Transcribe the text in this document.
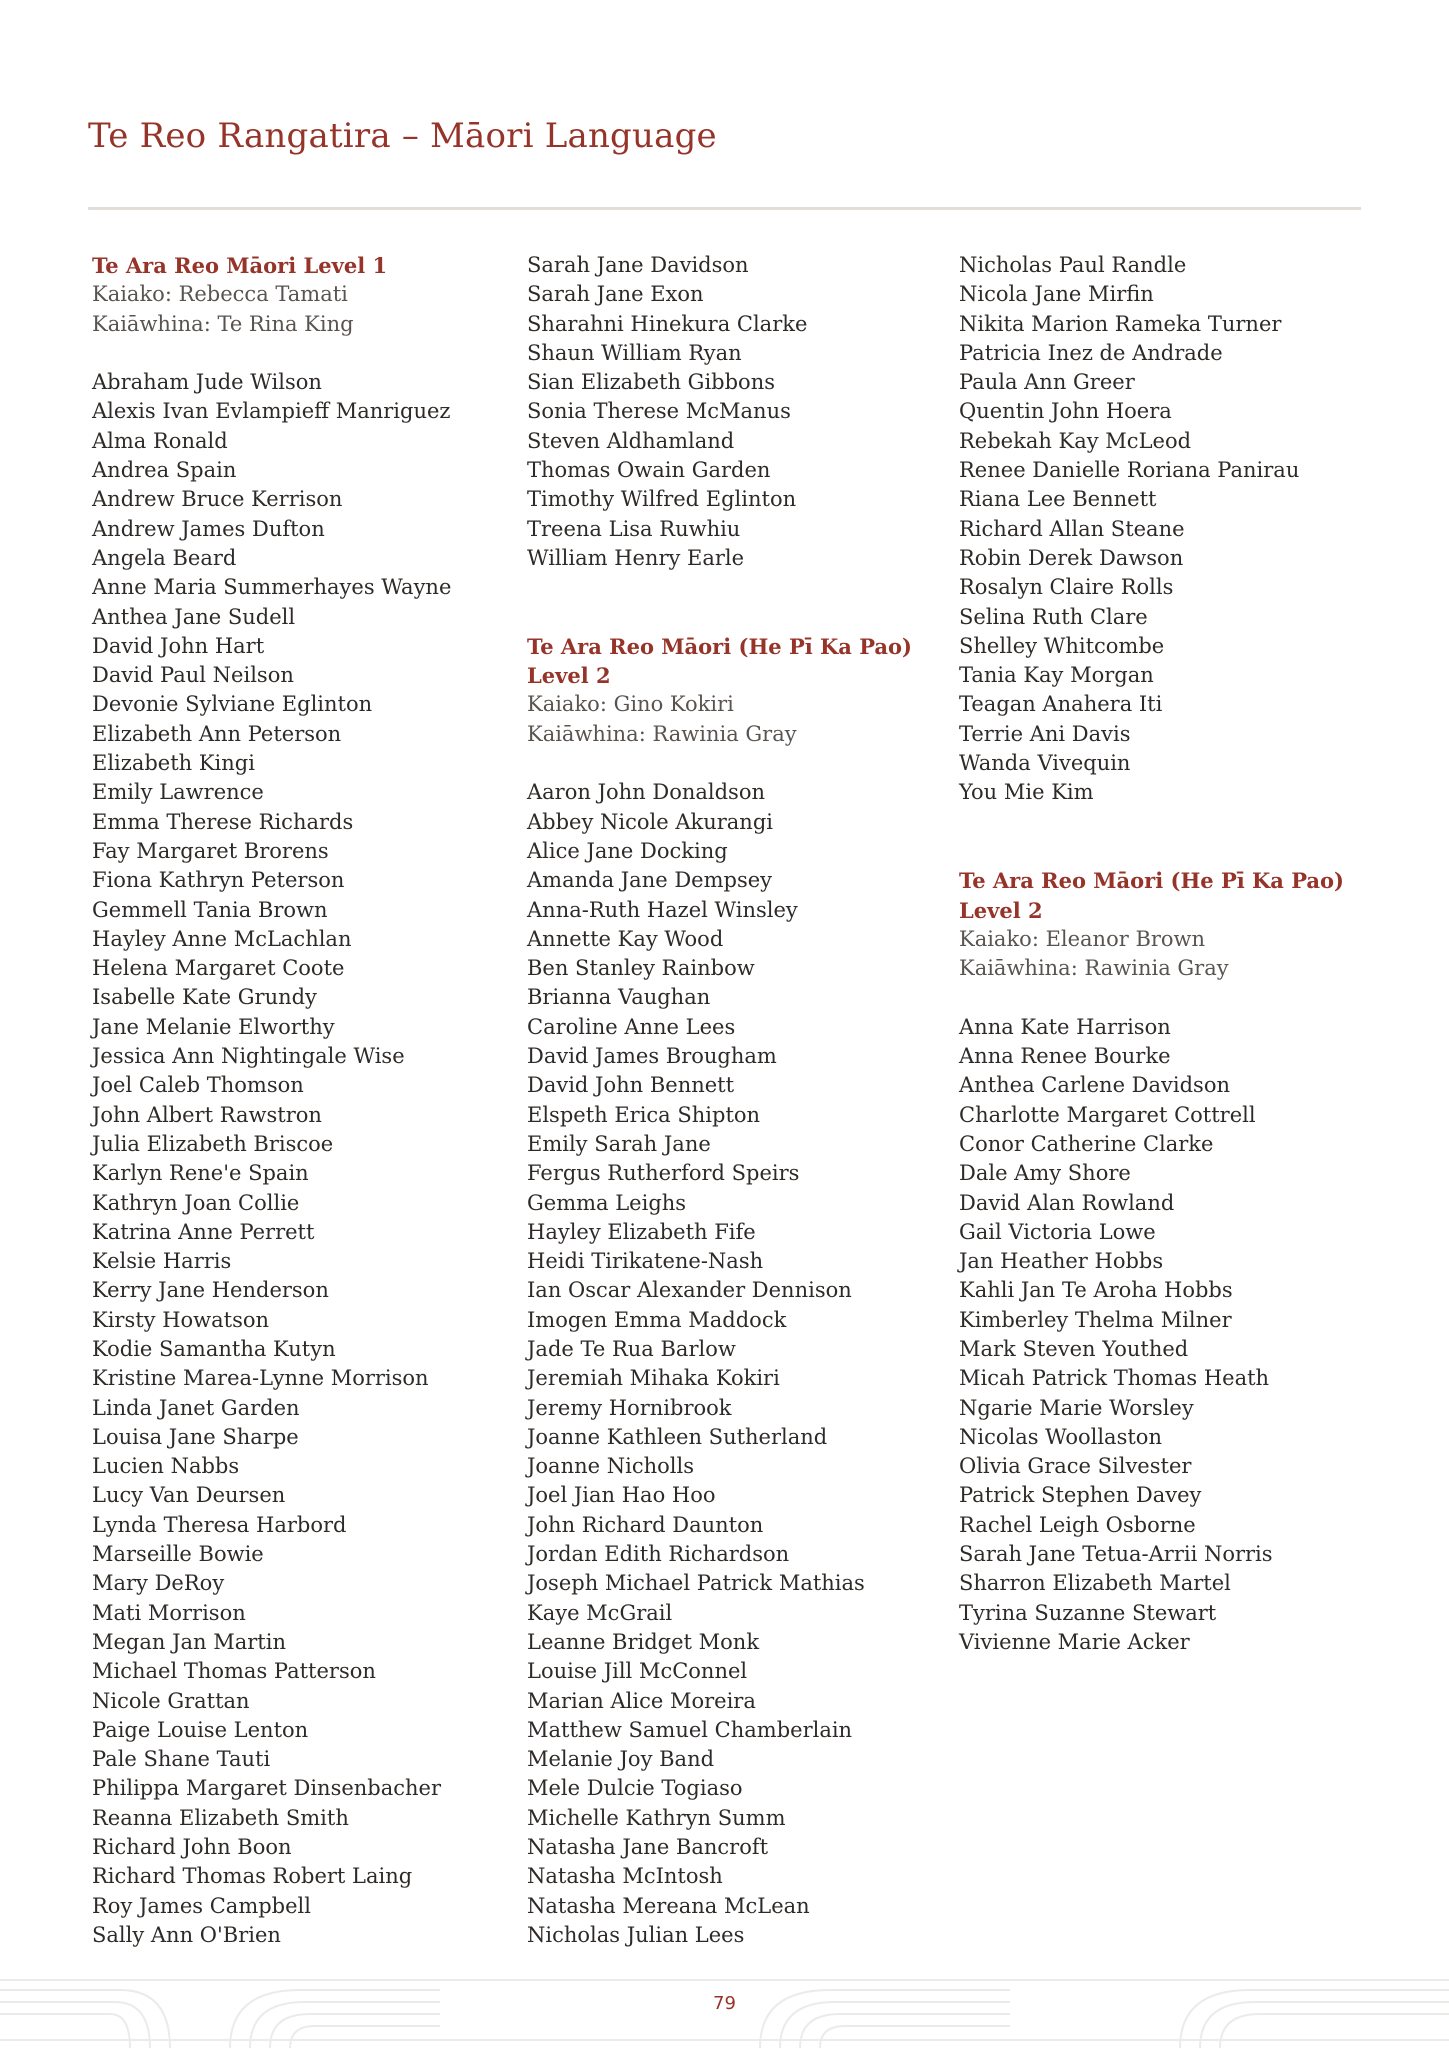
Te Reo Rangatira – Māori Language
Te Ara Reo Māori Level 1
Kaiako: Rebecca Tamati
Kaiāwhina: Te Rina King
Abraham Jude Wilson
Alexis Ivan Evlampieff Manriguez
Alma Ronald
Andrea Spain
Andrew Bruce Kerrison
Andrew James Dufton
Angela Beard
Anne Maria Summerhayes Wayne
Anthea Jane Sudell
David John Hart
David Paul Neilson
Devonie Sylviane Eglinton
Elizabeth Ann Peterson
Elizabeth Kingi
Emily Lawrence
Emma Therese Richards
Fay Margaret Brorens
Fiona Kathryn Peterson
Gemmell Tania Brown
Hayley Anne McLachlan
Helena Margaret Coote
Isabelle Kate Grundy
Jane Melanie Elworthy
Jessica Ann Nightingale Wise
Joel Caleb Thomson
John Albert Rawstron
Julia Elizabeth Briscoe
Karlyn Rene'e Spain
Kathryn Joan Collie
Katrina Anne Perrett
Kelsie Harris
Kerry Jane Henderson
Kirsty Howatson
Kodie Samantha Kutyn
Kristine Marea-Lynne Morrison
Linda Janet Garden
Louisa Jane Sharpe
Lucien Nabbs
Lucy Van Deursen
Lynda Theresa Harbord
Marseille Bowie
Mary DeRoy
Mati Morrison
Megan Jan Martin
Michael Thomas Patterson
Nicole Grattan
Paige Louise Lenton
Pale Shane Tauti
Philippa Margaret Dinsenbacher
Reanna Elizabeth Smith
Richard John Boon
Richard Thomas Robert Laing
Roy James Campbell
Sally Ann O'Brien
Sarah Jane Davidson
Sarah Jane Exon
Sharahni Hinekura Clarke
Shaun William Ryan
Sian Elizabeth Gibbons
Sonia Therese McManus
Steven Aldhamland
Thomas Owain Garden
Timothy Wilfred Eglinton
Treena Lisa Ruwhiu
William Henry Earle
Te Ara Reo Māori (He Pī Ka Pao)
Level 2
Kaiako: Gino Kokiri
Kaiāwhina: Rawinia Gray
Aaron John Donaldson
Abbey Nicole Akurangi
Alice Jane Docking
Amanda Jane Dempsey
Anna-Ruth Hazel Winsley
Annette Kay Wood
Ben Stanley Rainbow
Brianna Vaughan
Caroline Anne Lees
David James Brougham
David John Bennett
Elspeth Erica Shipton
Emily Sarah Jane
Fergus Rutherford Speirs
Gemma Leighs
Hayley Elizabeth Fife
Heidi Tirikatene-Nash
Ian Oscar Alexander Dennison
Imogen Emma Maddock
Jade Te Rua Barlow
Jeremiah Mihaka Kokiri
Jeremy Hornibrook
Joanne Kathleen Sutherland
Joanne Nicholls
Joel Jian Hao Hoo
John Richard Daunton
Jordan Edith Richardson
Joseph Michael Patrick Mathias
Kaye McGrail
Leanne Bridget Monk
Louise Jill McConnel
Marian Alice Moreira
Matthew Samuel Chamberlain
Melanie Joy Band
Mele Dulcie Togiaso
Michelle Kathryn Summ
Natasha Jane Bancroft
Natasha McIntosh
Natasha Mereana McLean
Nicholas Julian Lees
Nicholas Paul Randle
Nicola Jane Mirfin
Nikita Marion Rameka Turner
Patricia Inez de Andrade
Paula Ann Greer
Quentin John Hoera
Rebekah Kay McLeod
Renee Danielle Roriana Panirau
Riana Lee Bennett
Richard Allan Steane
Robin Derek Dawson
Rosalyn Claire Rolls
Selina Ruth Clare
Shelley Whitcombe
Tania Kay Morgan
Teagan Anahera Iti
Terrie Ani Davis
Wanda Vivequin
You Mie Kim
Te Ara Reo Māori (He Pī Ka Pao)
Level 2
Kaiako: Eleanor Brown
Kaiāwhina: Rawinia Gray
Anna Kate Harrison
Anna Renee Bourke
Anthea Carlene Davidson
Charlotte Margaret Cottrell
Conor Catherine Clarke
Dale Amy Shore
David Alan Rowland
Gail Victoria Lowe
Jan Heather Hobbs
Kahli Jan Te Aroha Hobbs
Kimberley Thelma Milner
Mark Steven Youthed
Micah Patrick Thomas Heath
Ngarie Marie Worsley
Nicolas Woollaston
Olivia Grace Silvester
Patrick Stephen Davey
Rachel Leigh Osborne
Sarah Jane Tetua-Arrii Norris
Sharron Elizabeth Martel
Tyrina Suzanne Stewart
Vivienne Marie Acker
79
